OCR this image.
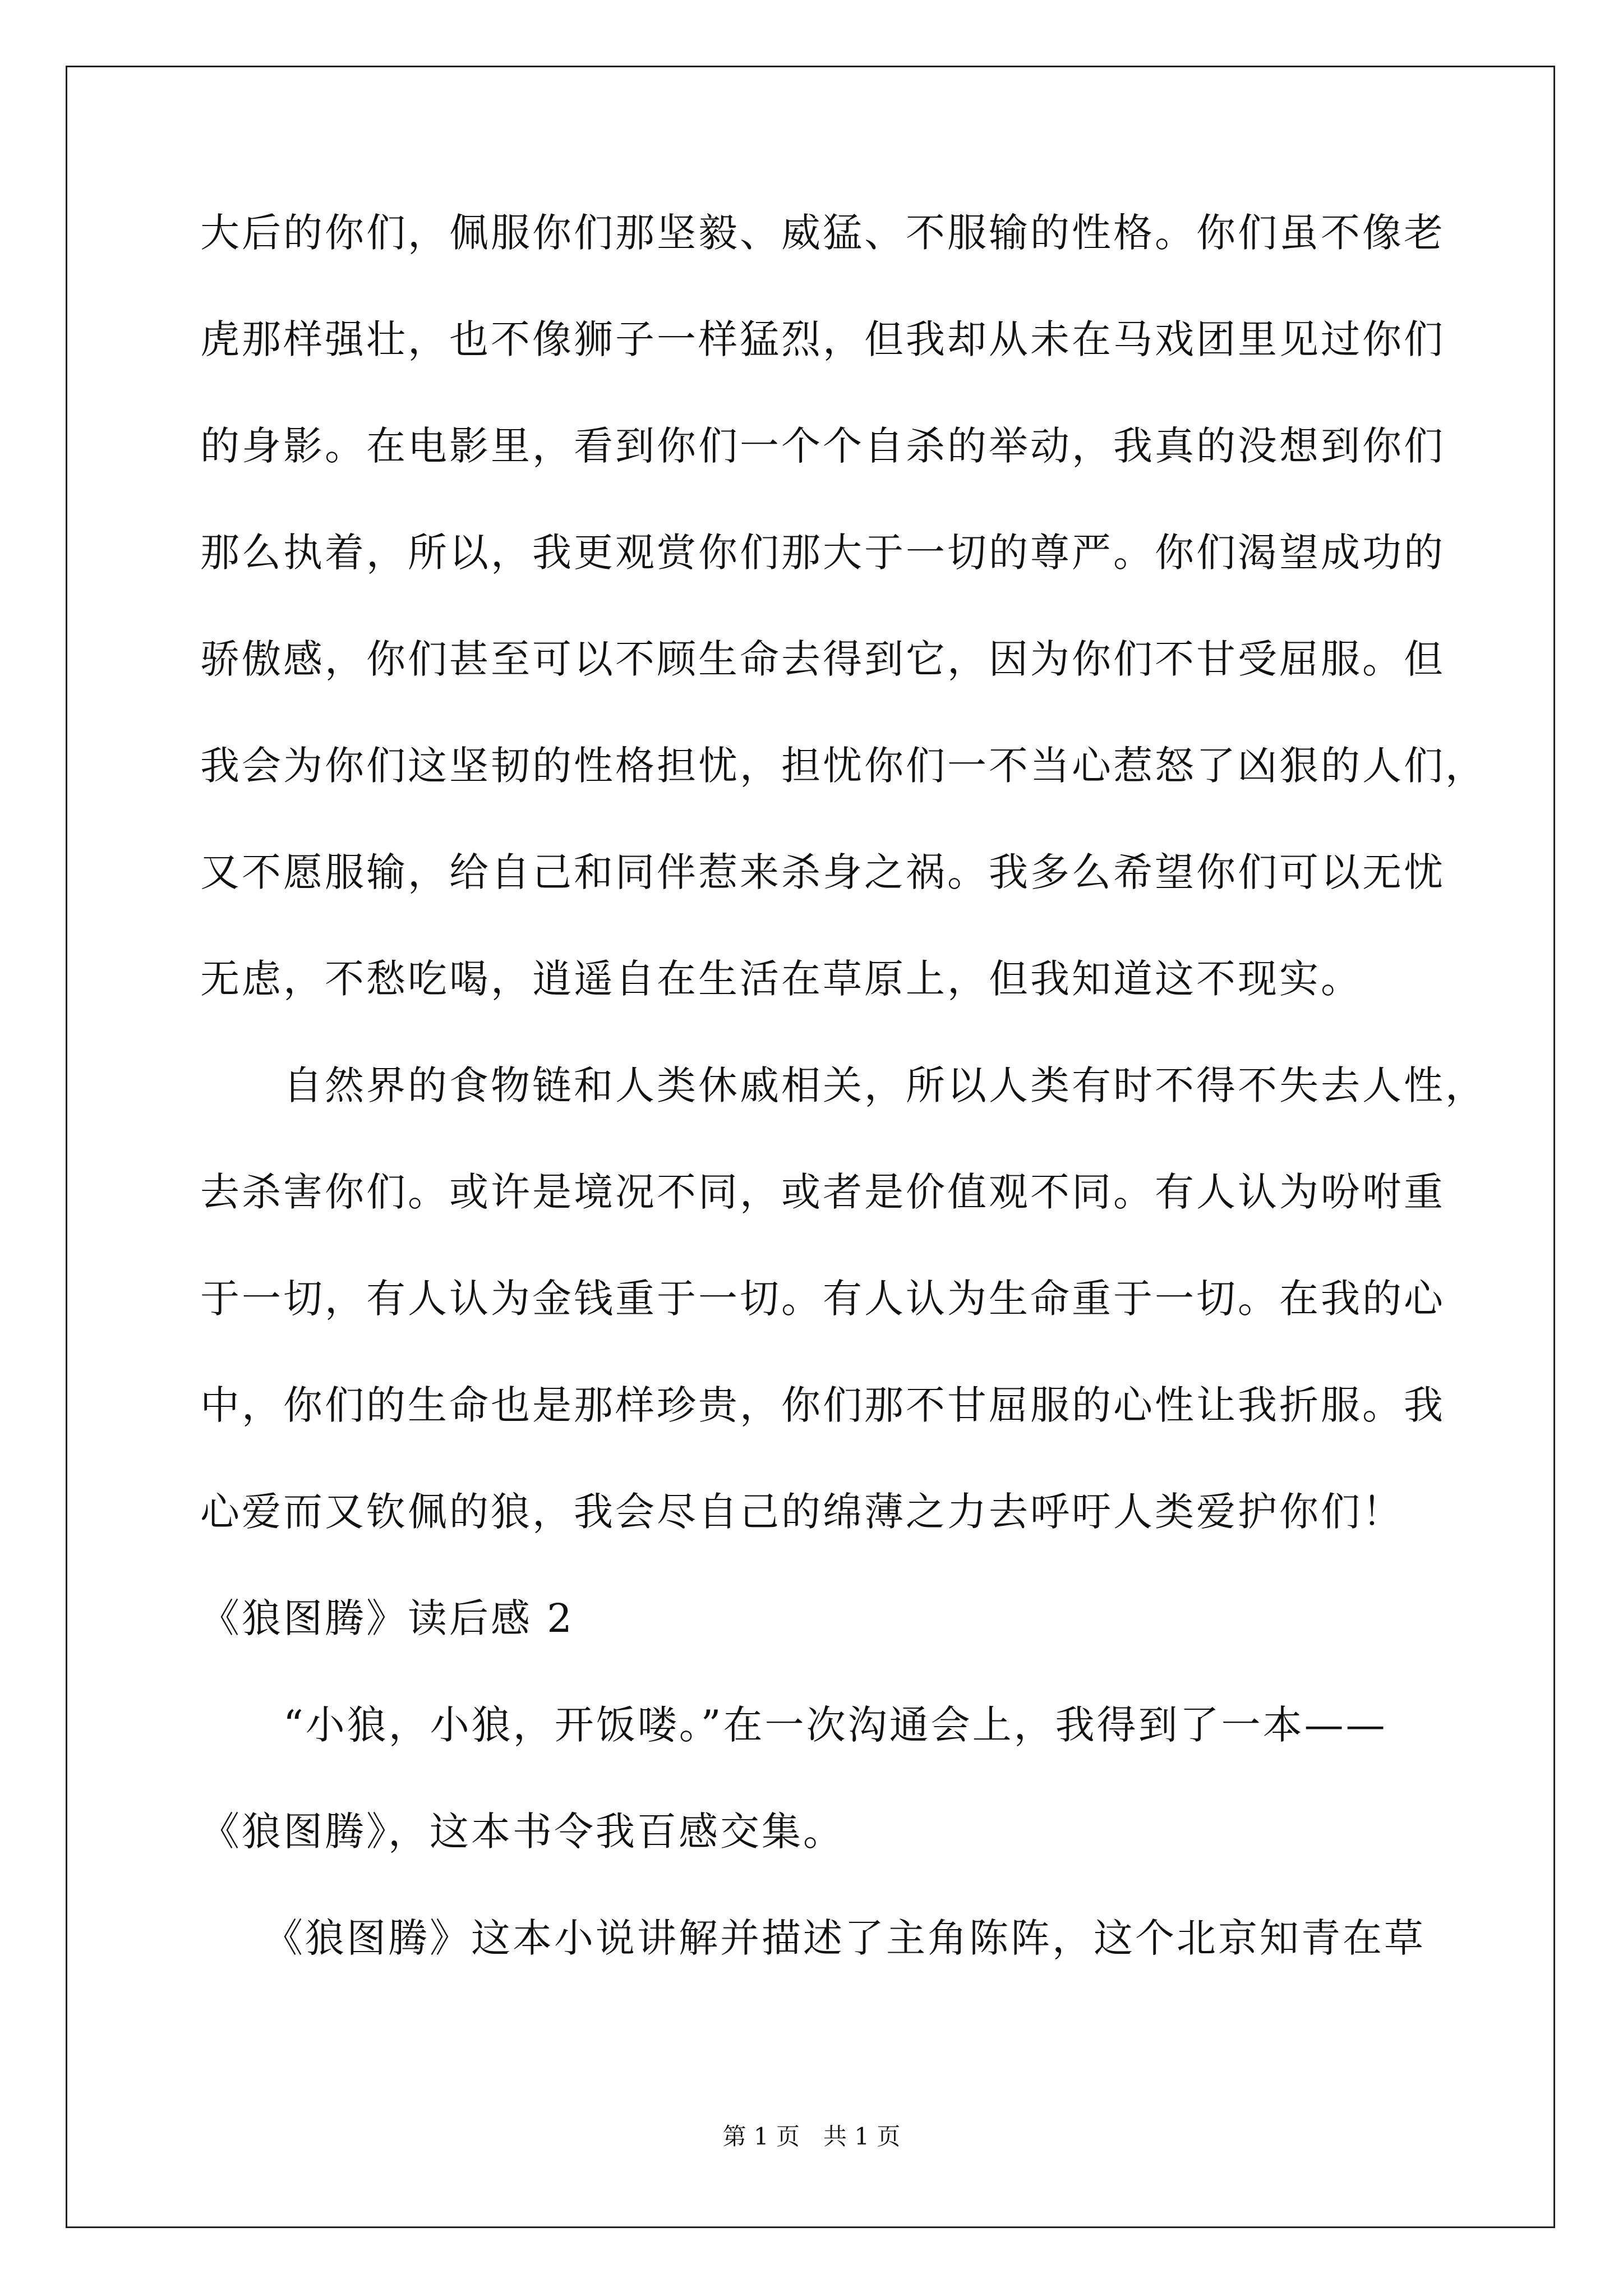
大后的你们，佩服你们那坚毅、威猛、不服输的性格。你们虽不像老
虎那样强壮，也不像狮子一样猛烈，但我却从未在马戏团里见过你们
的身影。在电影里，看到你们一个个自杀的举动，我真的没想到你们
那么执着，所以，我更观赏你们那大于一切的尊严。你们渴望成功的
骄傲感，你们甚至可以不顾生命去得到它，因为你们不甘受屈服。但
我会为你们这坚韧的性格担忧，担忧你们一不当心惹怒了凶狠的人们，
又不愿服输，给自己和同伴惹来杀身之祸。我多么希望你们可以无忧
无虑，不愁吃喝，逍遥自在生活在草原上，但我知道这不现实。
　　自然界的食物链和人类休戚相关，所以人类有时不得不失去人性，
去杀害你们。或许是境况不同，或者是价值观不同。有人认为吩咐重
于一切，有人认为金钱重于一切。有人认为生命重于一切。在我的心
中，你们的生命也是那样珍贵，你们那不甘屈服的心性让我折服。我
心爱而又钦佩的狼，我会尽自己的绵薄之力去呼吁人类爱护你们！
《狼图腾》读后感 2
　　“小狼，小狼，开饭喽。”在一次沟通会上，我得到了一本——
《狼图腾》，这本书令我百感交集。
　　《狼图腾》这本小说讲解并描述了主角陈阵，这个北京知青在草
第 1 页　共 1 页
